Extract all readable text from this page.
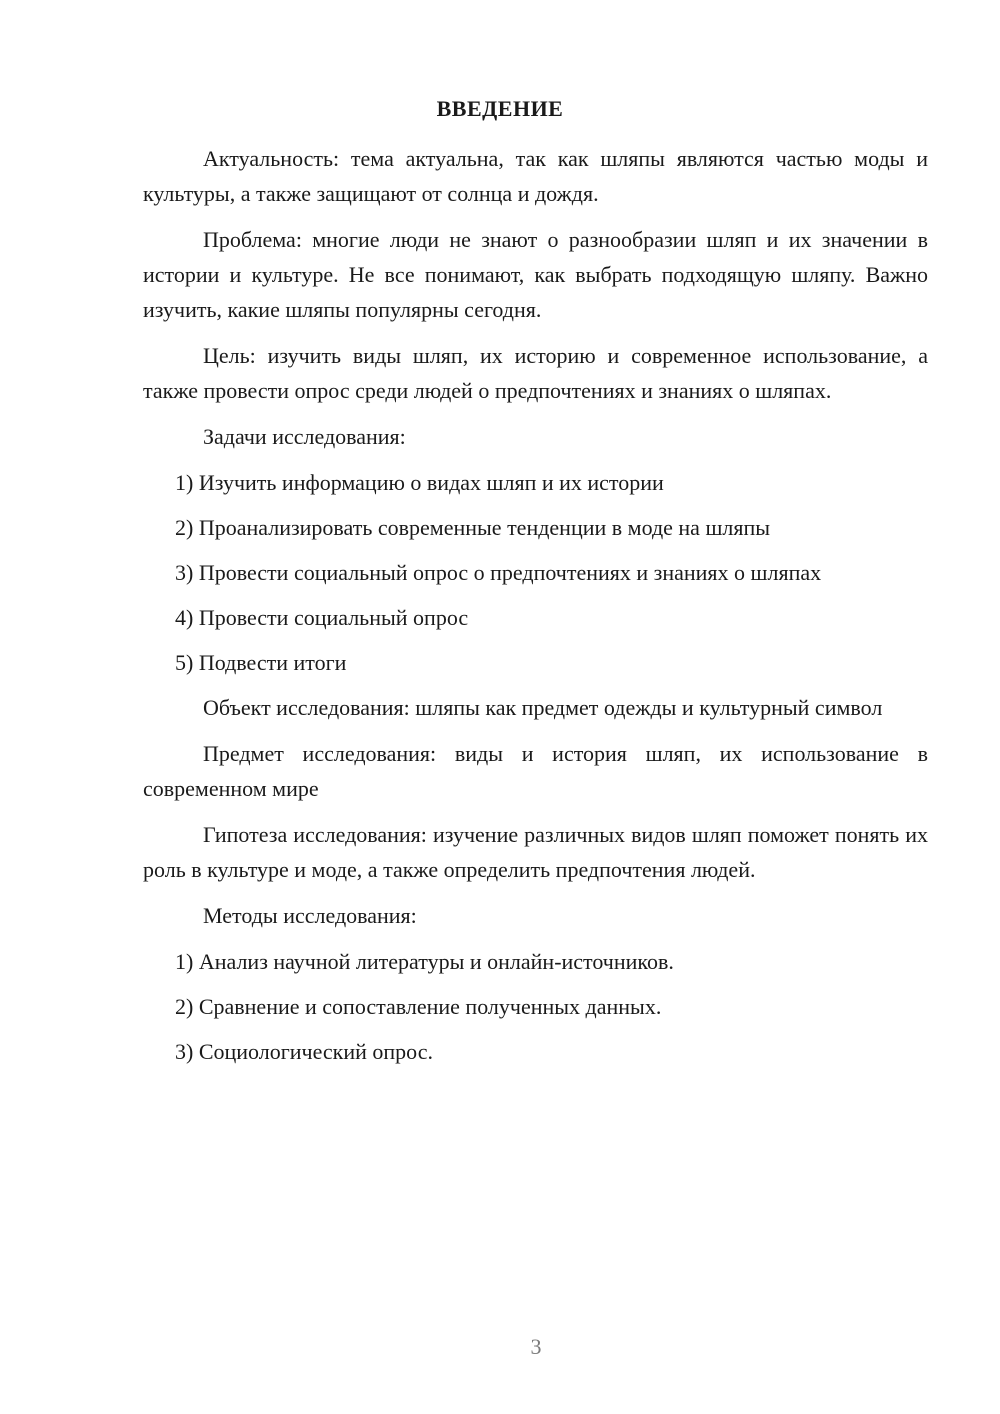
ВВЕДЕНИЕ

Актуальность: тема актуальна, так как шляпы являются частью моды и культуры, а также защищают от солнца и дождя.

Проблема: многие люди не знают о разнообразии шляп и их значении в истории и культуре. Не все понимают, как выбрать подходящую шляпу. Важно изучить, какие шляпы популярны сегодня.

Цель: изучить виды шляп, их историю и современное использование, а также провести опрос среди людей о предпочтениях и знаниях о шляпах.

Задачи исследования:

1) Изучить информацию о видах шляп и их истории

2) Проанализировать современные тенденции в моде на шляпы

3) Провести социальный опрос о предпочтениях и знаниях о шляпах

4) Провести социальный опрос

5) Подвести итоги

Объект исследования: шляпы как предмет одежды и культурный символ

Предмет исследования: виды и история шляп, их использование в современном мире

Гипотеза исследования: изучение различных видов шляп поможет понять их роль в культуре и моде, а также определить предпочтения людей.

Методы исследования:

1) Анализ научной литературы и онлайн-источников.

2) Сравнение и сопоставление полученных данных.

3) Социологический опрос.

3
